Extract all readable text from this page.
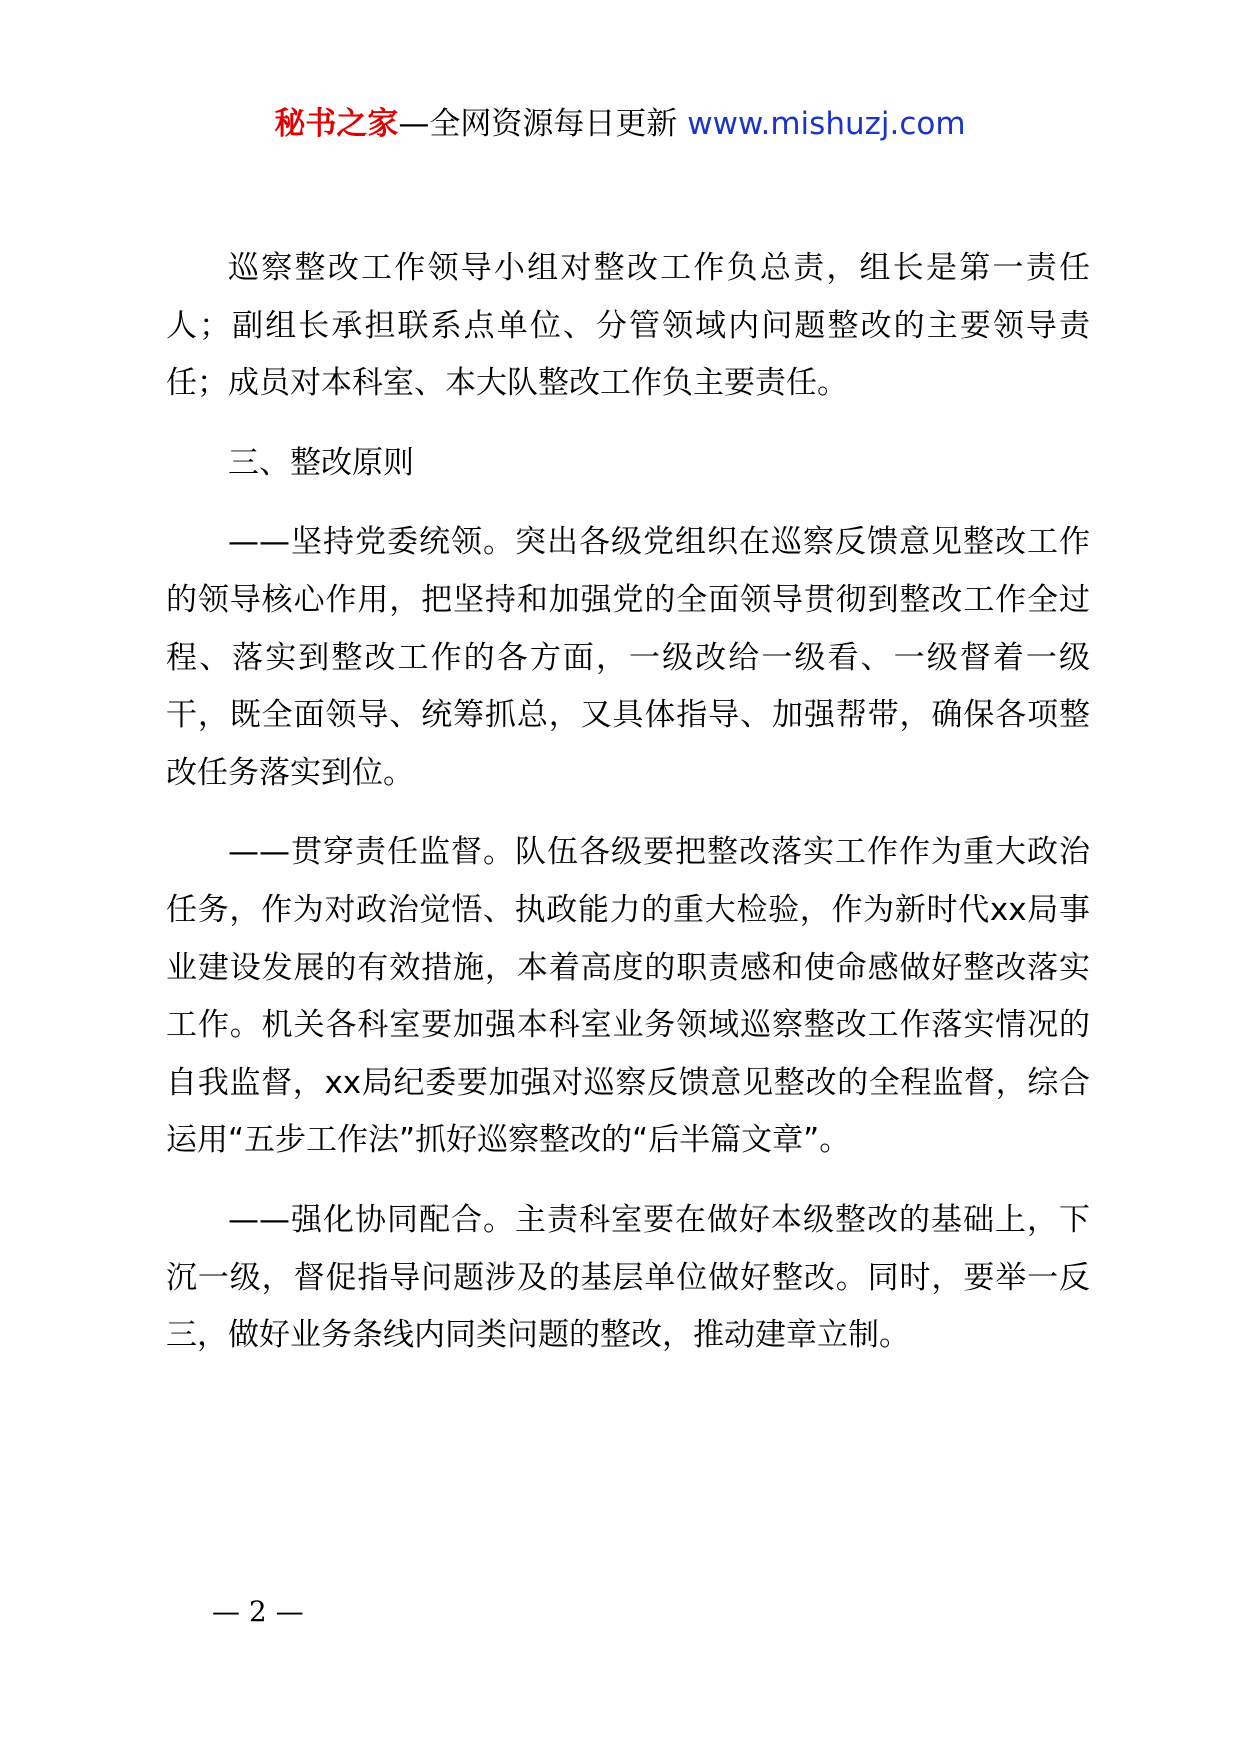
秘书之家—全网资源每日更新 www.mishuzj.com

巡察整改工作领导小组对整改工作负总责，组长是第一责任人；副组长承担联系点单位、分管领域内问题整改的主要领导责任；成员对本科室、本大队整改工作负主要责任。

三、整改原则

——坚持党委统领。突出各级党组织在巡察反馈意见整改工作的领导核心作用，把坚持和加强党的全面领导贯彻到整改工作全过程、落实到整改工作的各方面，一级改给一级看、一级督着一级干，既全面领导、统筹抓总，又具体指导、加强帮带，确保各项整改任务落实到位。

——贯穿责任监督。队伍各级要把整改落实工作作为重大政治任务，作为对政治觉悟、执政能力的重大检验，作为新时代xx局事业建设发展的有效措施，本着高度的职责感和使命感做好整改落实工作。机关各科室要加强本科室业务领域巡察整改工作落实情况的自我监督，xx局纪委要加强对巡察反馈意见整改的全程监督，综合运用“五步工作法”抓好巡察整改的“后半篇文章”。

——强化协同配合。主责科室要在做好本级整改的基础上，下沉一级，督促指导问题涉及的基层单位做好整改。同时，要举一反三，做好业务条线内同类问题的整改，推动建章立制。

— 2 —
